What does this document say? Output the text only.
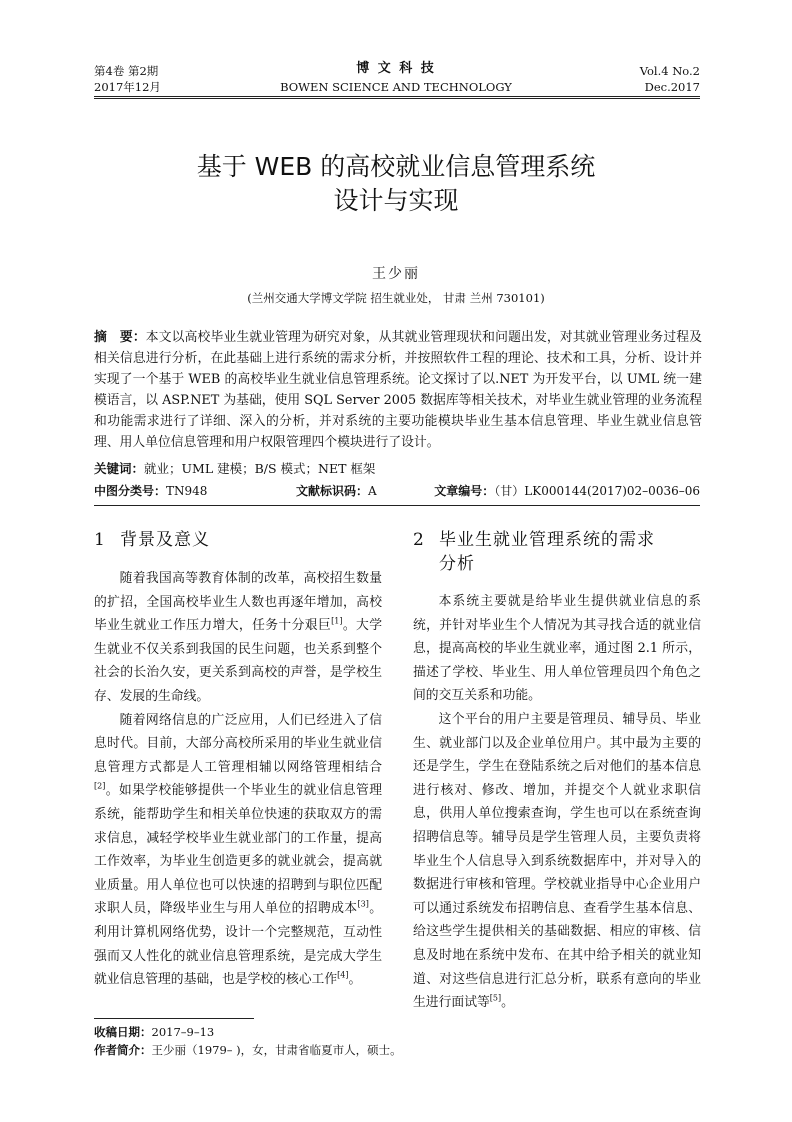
第4卷 第2期
2017年12月
博 文 科 技
BOWEN SCIENCE AND TECHNOLOGY
Vol.4 No.2
Dec.2017
基于 WEB 的高校就业信息管理系统
设计与实现
王少丽
(兰州交通大学博文学院 招生就业处， 甘肃 兰州 730101)
摘　要：本文以高校毕业生就业管理为研究对象，从其就业管理现状和问题出发，对其就业管理业务过程及相关信息进行分析，在此基础上进行系统的需求分析，并按照软件工程的理论、技术和工具，分析、设计并实现了一个基于 WEB 的高校毕业生就业信息管理系统。论文探讨了以.NET 为开发平台，以 UML 统一建模语言，以 ASP.NET 为基础，使用 SQL Server 2005 数据库等相关技术，对毕业生就业管理的业务流程和功能需求进行了详细、深入的分析，并对系统的主要功能模块毕业生基本信息管理、毕业生就业信息管理、用人单位信息管理和用户权限管理四个模块进行了设计。
关键词：就业；UML 建模；B/S 模式；NET 框架
中图分类号：TN948	文献标识码：A	文章编号：（甘）LK000144(2017)02–0036–06
1 背景及意义

随着我国高等教育体制的改革，高校招生数量的扩招，全国高校毕业生人数也再逐年增加，高校毕业生就业工作压力增大，任务十分艰巨[1]。大学生就业不仅关系到我国的民生问题，也关系到整个社会的长治久安，更关系到高校的声誉，是学校生存、发展的生命线。

随着网络信息的广泛应用，人们已经进入了信息时代。目前，大部分高校所采用的毕业生就业信息管理方式都是人工管理相辅以网络管理相结合[2]。如果学校能够提供一个毕业生的就业信息管理系统，能帮助学生和相关单位快速的获取双方的需求信息，减轻学校毕业生就业部门的工作量，提高工作效率，为毕业生创造更多的就业就会，提高就业质量。用人单位也可以快速的招聘到与职位匹配求职人员，降级毕业生与用人单位的招聘成本[3]。利用计算机网络优势，设计一个完整规范，互动性强而又人性化的就业信息管理系统，是完成大学生就业信息管理的基础，也是学校的核心工作[4]。

2 毕业生就业管理系统的需求
分析

本系统主要就是给毕业生提供就业信息的系统，并针对毕业生个人情况为其寻找合适的就业信息，提高高校的毕业生就业率，通过图 2.1 所示，描述了学校、毕业生、用人单位管理员四个角色之间的交互关系和功能。

这个平台的用户主要是管理员、辅导员、毕业生、就业部门以及企业单位用户。其中最为主要的还是学生，学生在登陆系统之后对他们的基本信息进行核对、修改、增加，并提交个人就业求职信息，供用人单位搜索查询，学生也可以在系统查询招聘信息等。辅导员是学生管理人员，主要负责将毕业生个人信息导入到系统数据库中，并对导入的数据进行审核和管理。学校就业指导中心企业用户可以通过系统发布招聘信息、查看学生基本信息、给这些学生提供相关的基础数据、相应的审核、信息及时地在系统中发布、在其中给予相关的就业知道、对这些信息进行汇总分析，联系有意向的毕业生进行面试等[5]。

收稿日期：2017–9–13
作者简介：王少丽（1979– )，女，甘肃省临夏市人，硕士。
